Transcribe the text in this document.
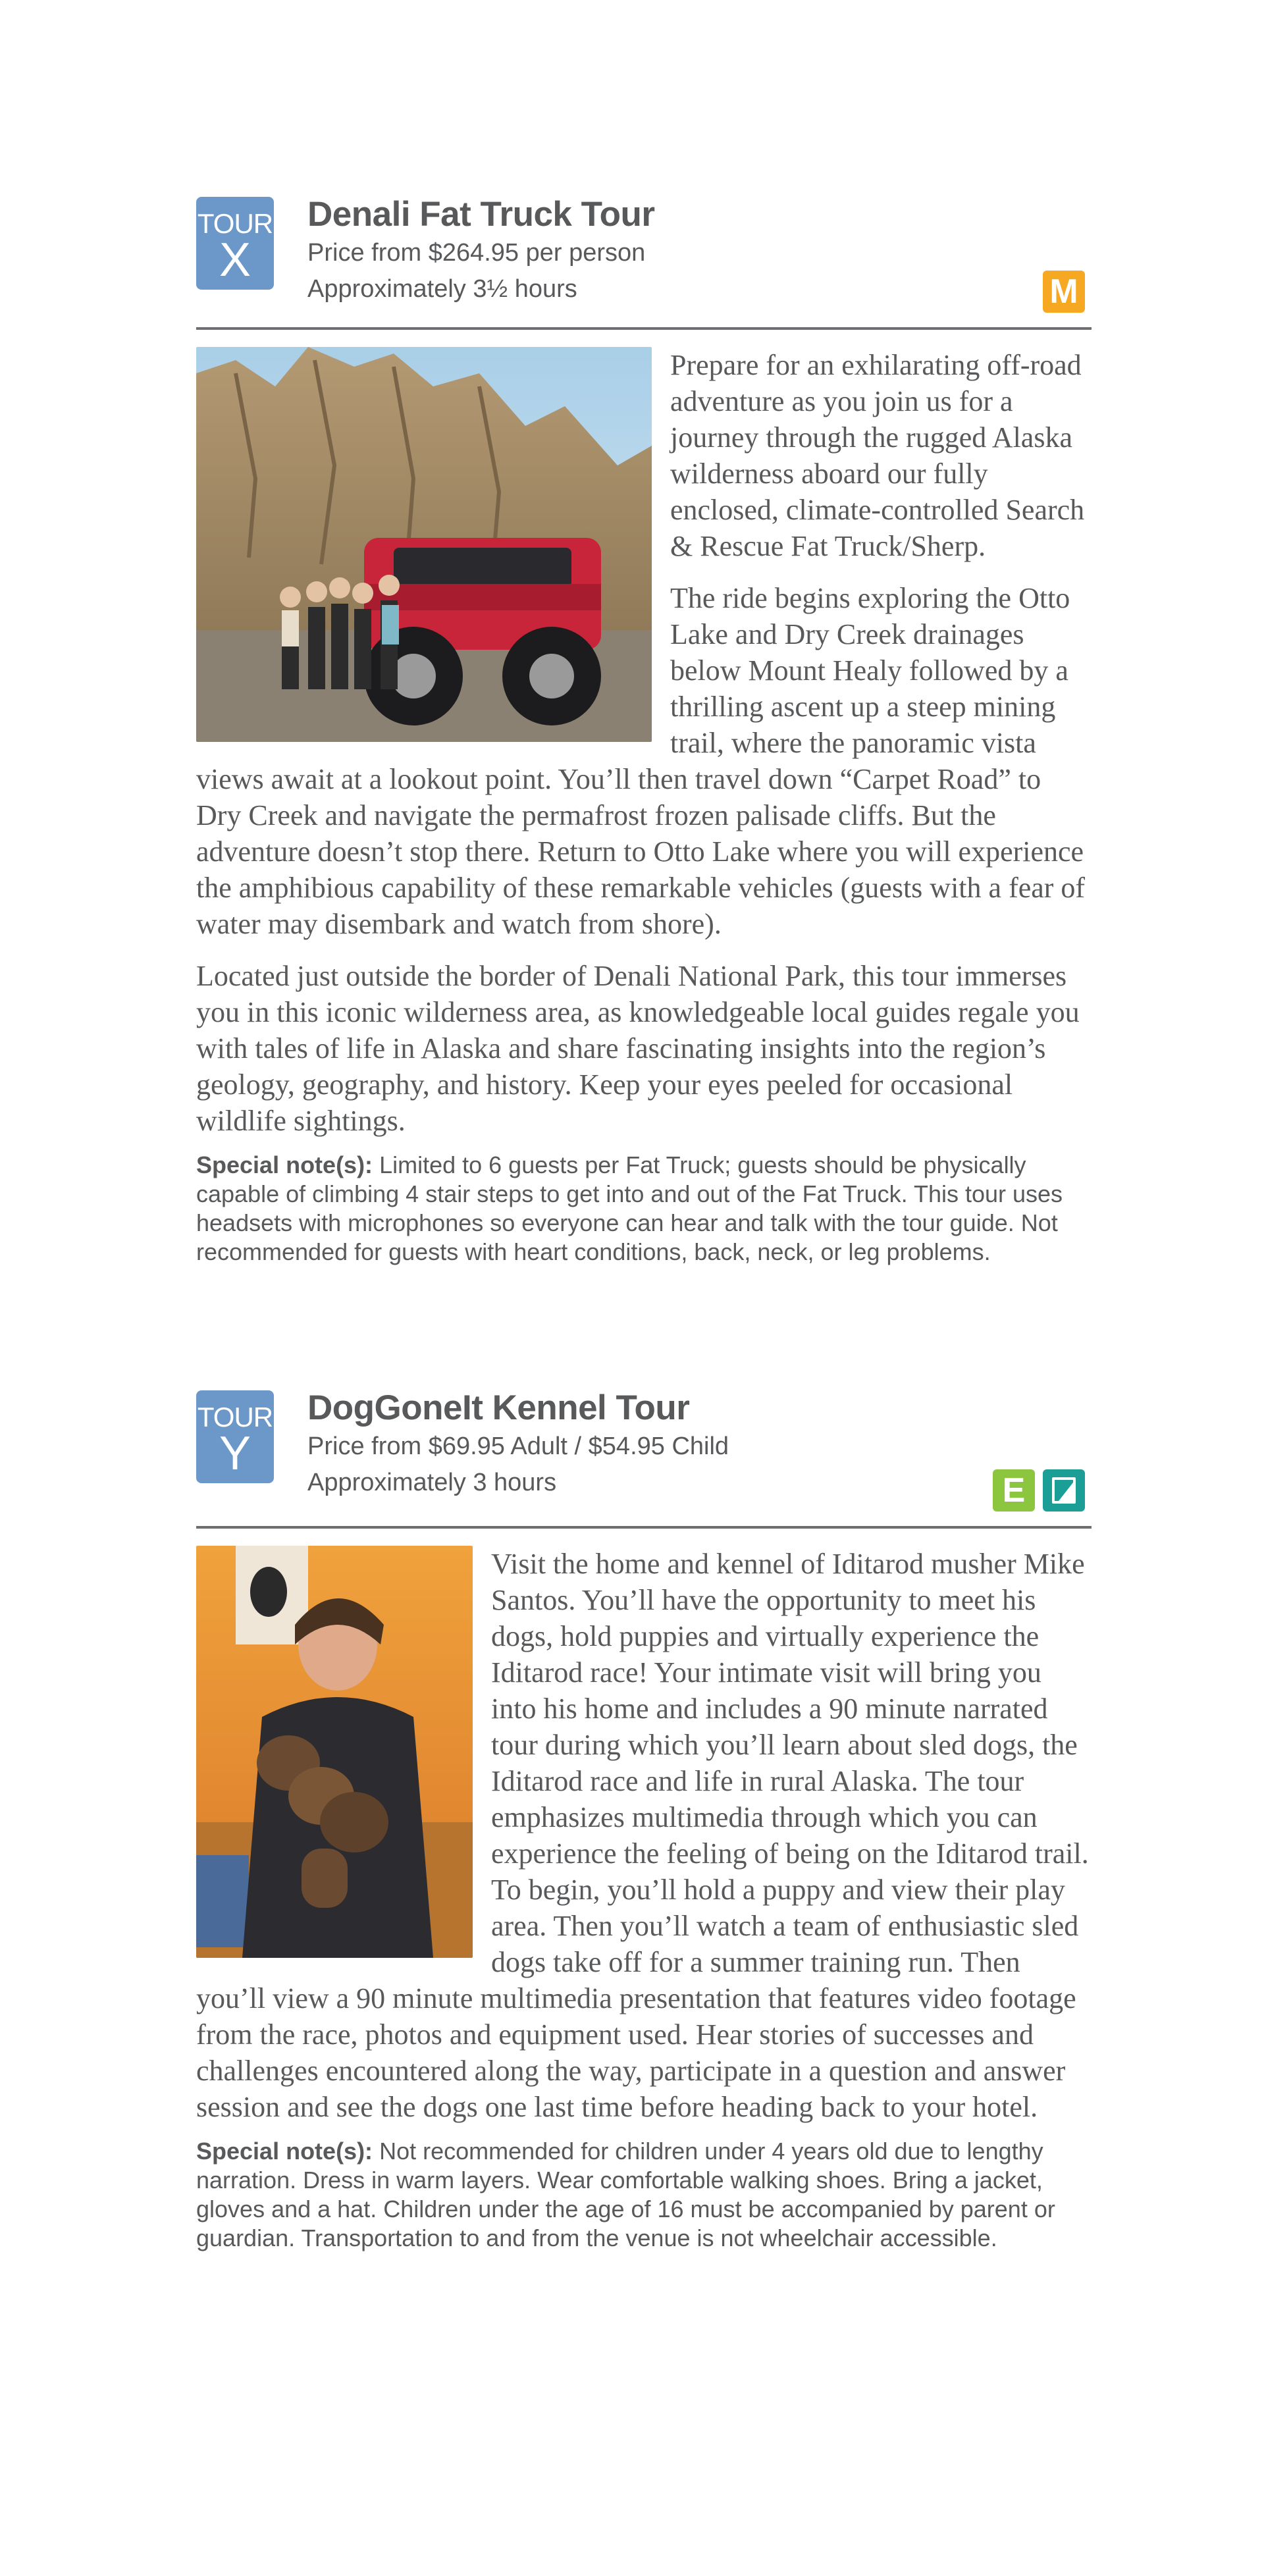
TOUR
X
Denali Fat Truck Tour
Price from $264.95 per person
Approximately 3½ hours	M

Prepare for an exhilarating off-road adventure as you join us for a journey through the rugged Alaska wilderness aboard our fully enclosed, climate-controlled Search & Rescue Fat Truck/Sherp.

The ride begins exploring the Otto Lake and Dry Creek drainages below Mount Healy followed by a thrilling ascent up a steep mining trail, where the panoramic vista views await at a lookout point. You’ll then travel down “Carpet Road” to Dry Creek and navigate the permafrost frozen palisade cliffs. But the adventure doesn’t stop there. Return to Otto Lake where you will experience the amphibious capability of these remarkable vehicles (guests with a fear of water may disembark and watch from shore).

Located just outside the border of Denali National Park, this tour immerses you in this iconic wilderness area, as knowledgeable local guides regale you with tales of life in Alaska and share fascinating insights into the region’s geology, geography, and history. Keep your eyes peeled for occasional wildlife sightings.

Special note(s): Limited to 6 guests per Fat Truck; guests should be physically capable of climbing 4 stair steps to get into and out of the Fat Truck. This tour uses headsets with microphones so everyone can hear and talk with the tour guide. Not recommended for guests with heart conditions, back, neck, or leg problems.
TOUR
Y
DogGoneIt Kennel Tour
Price from $69.95 Adult / $54.95 Child
Approximately 3 hours	E

Visit the home and kennel of Iditarod musher Mike Santos. You’ll have the opportunity to meet his dogs, hold puppies and virtually experience the Iditarod race! Your intimate visit will bring you into his home and includes a 90 minute narrated tour during which you’ll learn about sled dogs, the Iditarod race and life in rural Alaska. The tour emphasizes multimedia through which you can experience the feeling of being on the Iditarod trail. To begin, you’ll hold a puppy and view their play area. Then you’ll watch a team of enthusiastic sled dogs take off for a summer training run. Then you’ll view a 90 minute multimedia presentation that features video footage from the race, photos and equipment used. Hear stories of successes and challenges encountered along the way, participate in a question and answer session and see the dogs one last time before heading back to your hotel.

Special note(s): Not recommended for children under 4 years old due to lengthy narration. Dress in warm layers. Wear comfortable walking shoes. Bring a jacket, gloves and a hat. Children under the age of 16 must be accompanied by parent or guardian. Transportation to and from the venue is not wheelchair accessible.
